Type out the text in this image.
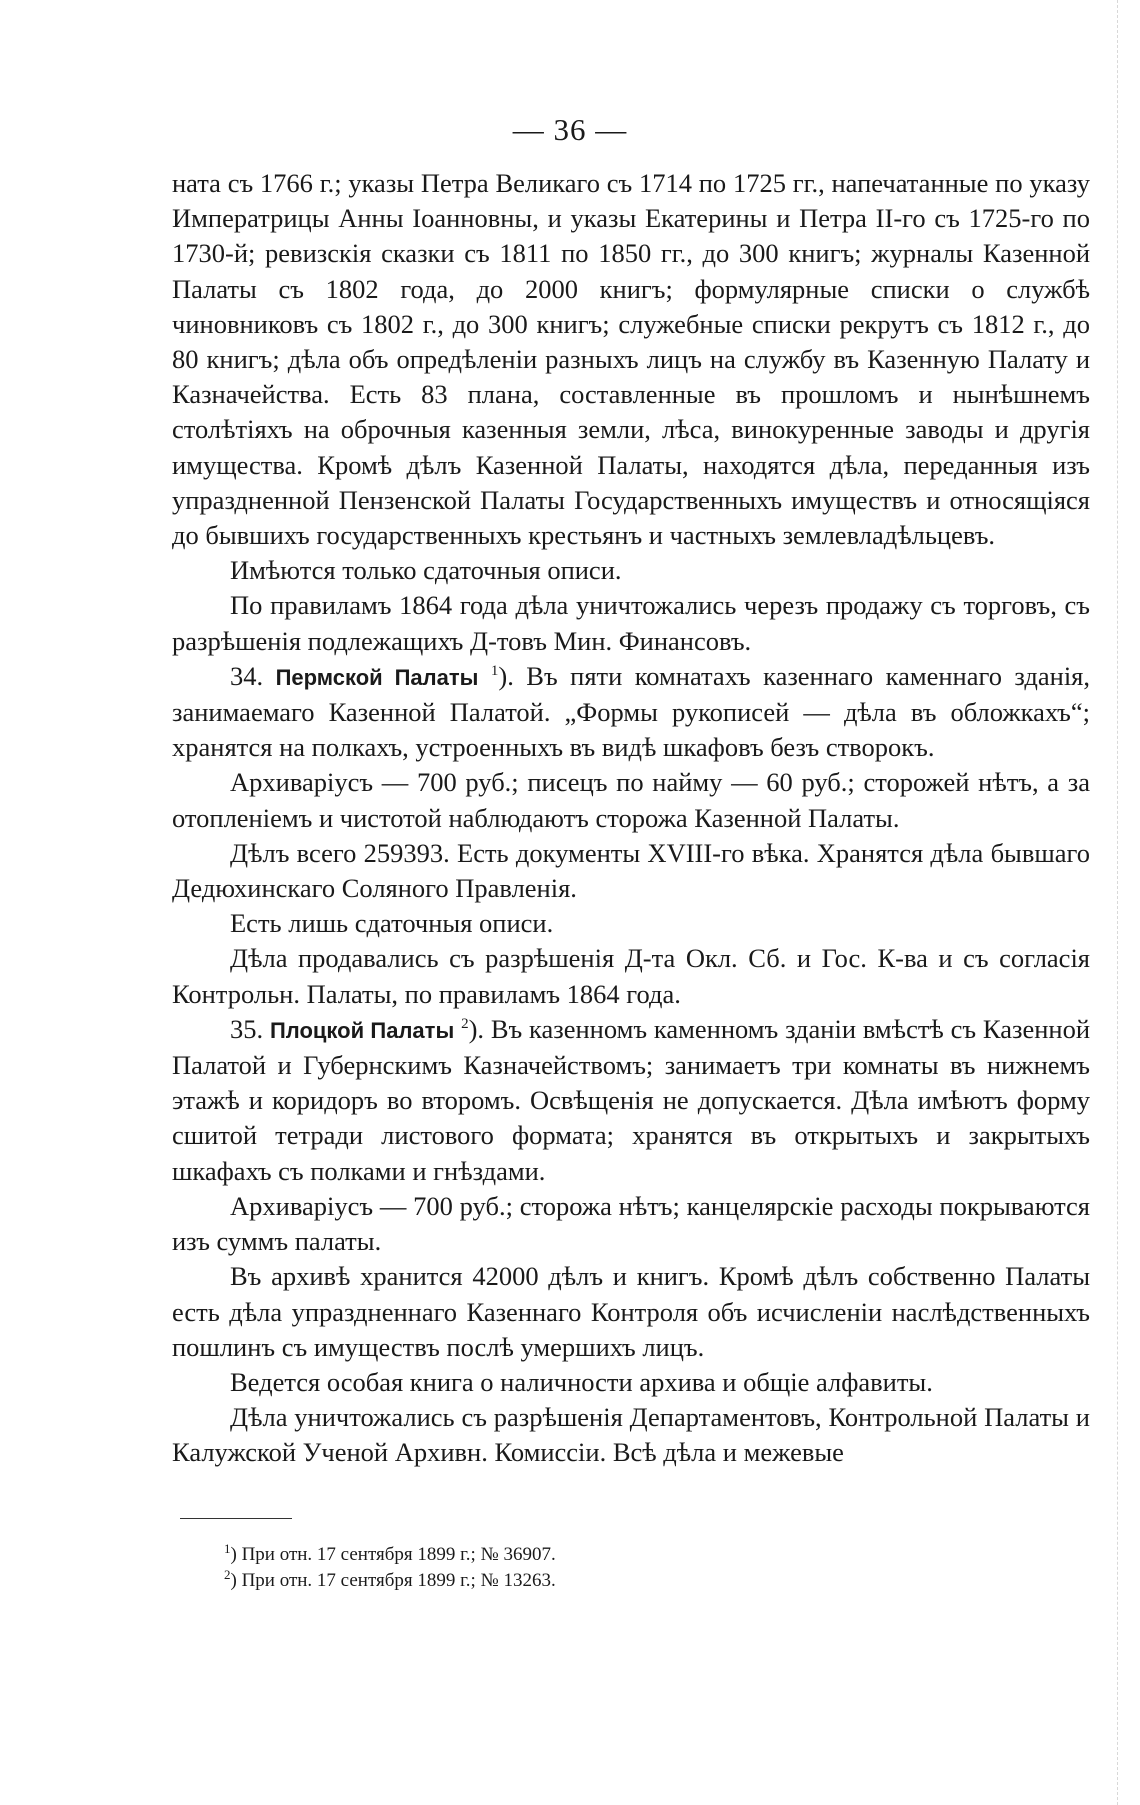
— 36 —

ната съ 1766 г.; указы Петра Великаго съ 1714 по 1725 гг., напечатанные по указу Императрицы Анны Іоанновны, и указы Екатерины и Петра II-го съ 1725-го по 1730-й; ревизскія сказки съ 1811 по 1850 гг., до 300 книгъ; журналы Казенной Палаты съ 1802 года, до 2000 книгъ; формулярные списки о службѣ чиновниковъ съ 1802 г., до 300 книгъ; служебные списки рекрутъ съ 1812 г., до 80 книгъ; дѣла объ опредѣленіи разныхъ лицъ на службу въ Казенную Палату и Казначейства. Есть 83 плана, составленные въ прошломъ и нынѣшнемъ столѣтіяхъ на оброчныя казенныя земли, лѣса, винокуренные заводы и другія имущества. Кромѣ дѣлъ Казенной Палаты, находятся дѣла, переданныя изъ упраздненной Пензенской Палаты Государственныхъ имуществъ и относящіяся до бывшихъ государственныхъ крестьянъ и частныхъ землевладѣльцевъ.

Имѣются только сдаточныя описи.

По правиламъ 1864 года дѣла уничтожались черезъ продажу съ торговъ, съ разрѣшенія подлежащихъ Д-товъ Мин. Финансовъ.

34. Пермской Палаты $^1$). Въ пяти комнатахъ казеннаго каменнаго зданія, занимаемаго Казенной Палатой. „Формы рукописей — дѣла въ обложкахъ“; хранятся на полкахъ, устроенныхъ въ видѣ шкафовъ безъ створокъ.

Архиваріусъ — 700 руб.; писецъ по найму — 60 руб.; сторожей нѣтъ, а за отопленіемъ и чистотой наблюдаютъ сторожа Казенной Палаты.

Дѣлъ всего 259393. Есть документы XVIII-го вѣка. Хранятся дѣла бывшаго Дедюхинскаго Соляного Правленія.

Есть лишь сдаточныя описи.

Дѣла продавались съ разрѣшенія Д-та Окл. Сб. и Гос. К-ва и съ согласія Контрольн. Палаты, по правиламъ 1864 года.

35. Плоцкой Палаты $^2$). Въ казенномъ каменномъ зданіи вмѣстѣ съ Казенной Палатой и Губернскимъ Казначействомъ; занимаетъ три комнаты въ нижнемъ этажѣ и коридоръ во второмъ. Освѣщенія не допускается. Дѣла имѣютъ форму сшитой тетради листового формата; хранятся въ открытыхъ и закрытыхъ шкафахъ съ полками и гнѣздами.

Архиваріусъ — 700 руб.; сторожа нѣтъ; канцелярскіе расходы покрываются изъ суммъ палаты.

Въ архивѣ хранится 42000 дѣлъ и книгъ. Кромѣ дѣлъ собственно Палаты есть дѣла упраздненнаго Казеннаго Контроля объ исчисленіи наслѣдственныхъ пошлинъ съ имуществъ послѣ умершихъ лицъ.

Ведется особая книга о наличности архива и общіе алфавиты.

Дѣла уничтожались съ разрѣшенія Департаментовъ, Контрольной Палаты и Калужской Ученой Архивн. Комиссіи. Всѣ дѣла и межевые

$^1$) При отн. 17 сентября 1899 г.; № 36907.
$^2$) При отн. 17 сентября 1899 г.; № 13263.
